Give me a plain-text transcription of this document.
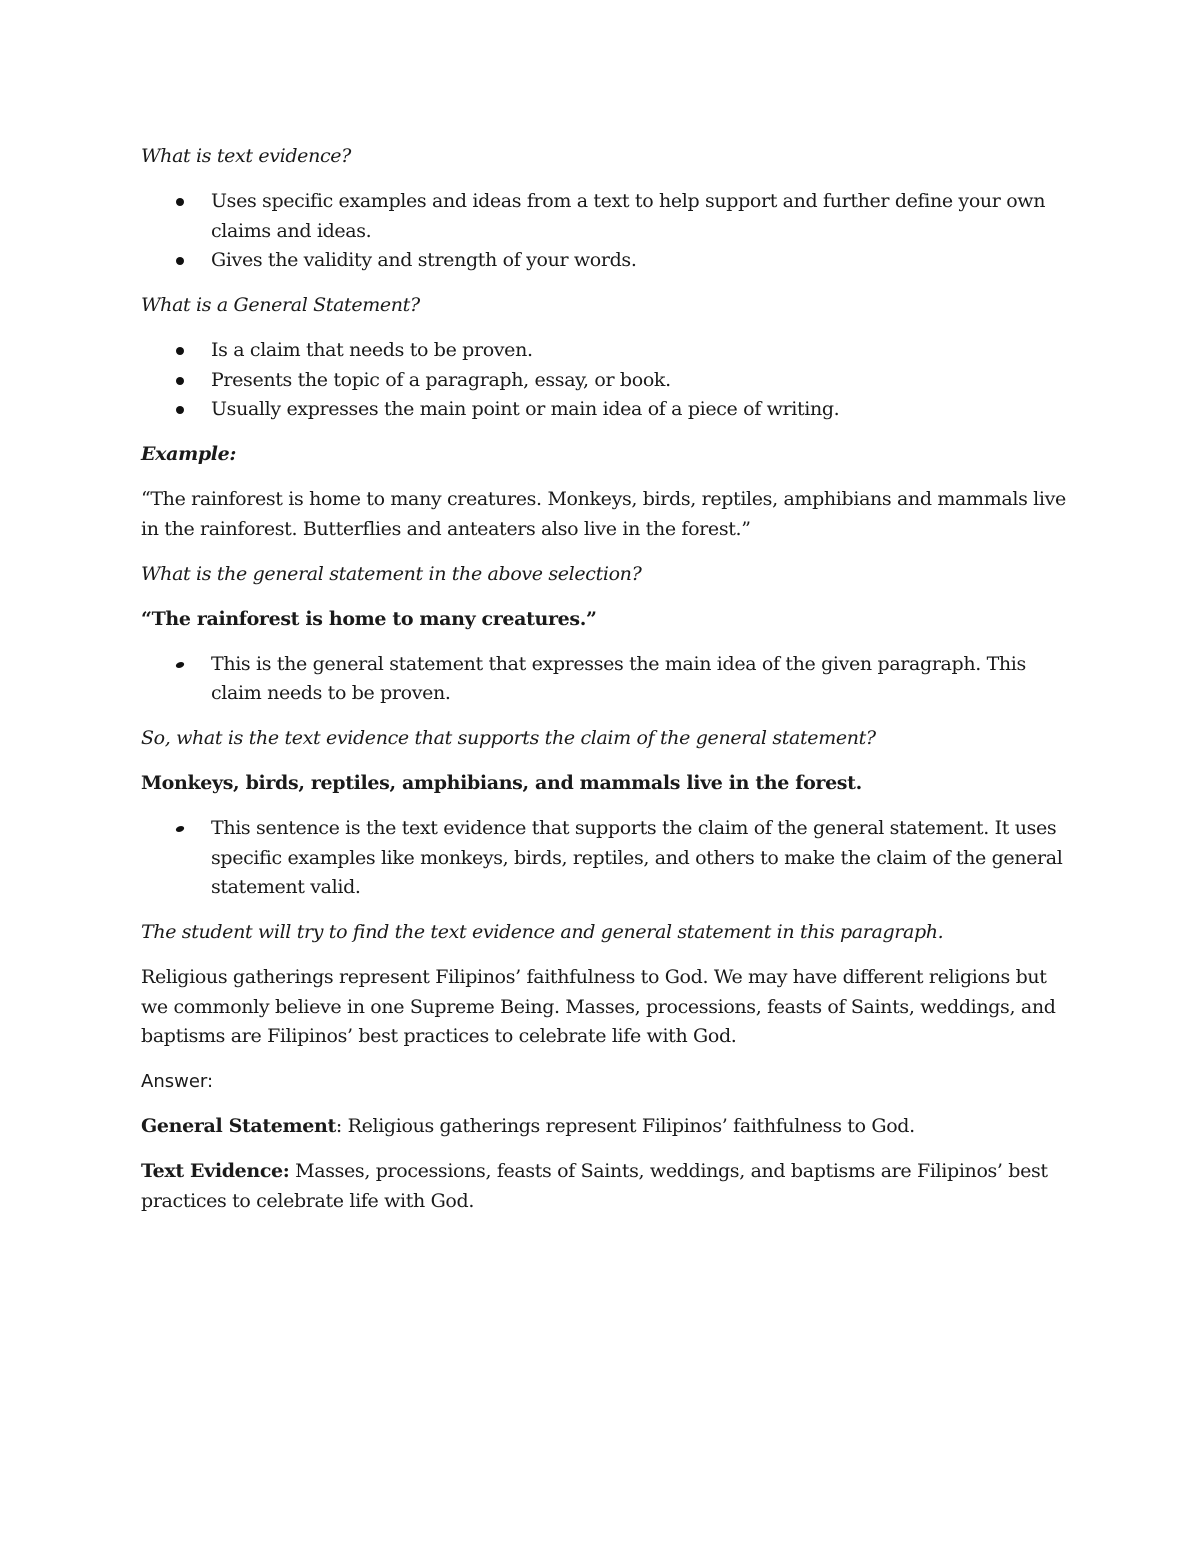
What is text evidence?

Uses specific examples and ideas from a text to help support and further define your own claims and ideas.
Gives the validity and strength of your words.

What is a General Statement?

Is a claim that needs to be proven.
Presents the topic of a paragraph, essay, or book.
Usually expresses the main point or main idea of a piece of writing.

Example:

“The rainforest is home to many creatures. Monkeys, birds, reptiles, amphibians and mammals live in the rainforest. Butterflies and anteaters also live in the forest.”

What is the general statement in the above selection?

“The rainforest is home to many creatures.”

This is the general statement that expresses the main idea of the given paragraph. This claim needs to be proven.

So, what is the text evidence that supports the claim of the general statement?

Monkeys, birds, reptiles, amphibians, and mammals live in the forest.

This sentence is the text evidence that supports the claim of the general statement. It uses specific examples like monkeys, birds, reptiles, and others to make the claim of the general statement valid.

The student will try to find the text evidence and general statement in this paragraph.

Religious gatherings represent Filipinos’ faithfulness to God. We may have different religions but we commonly believe in one Supreme Being. Masses, processions, feasts of Saints, weddings, and baptisms are Filipinos’ best practices to celebrate life with God.

Answer:

General Statement: Religious gatherings represent Filipinos’ faithfulness to God.

Text Evidence: Masses, processions, feasts of Saints, weddings, and baptisms are Filipinos’ best practices to celebrate life with God.
